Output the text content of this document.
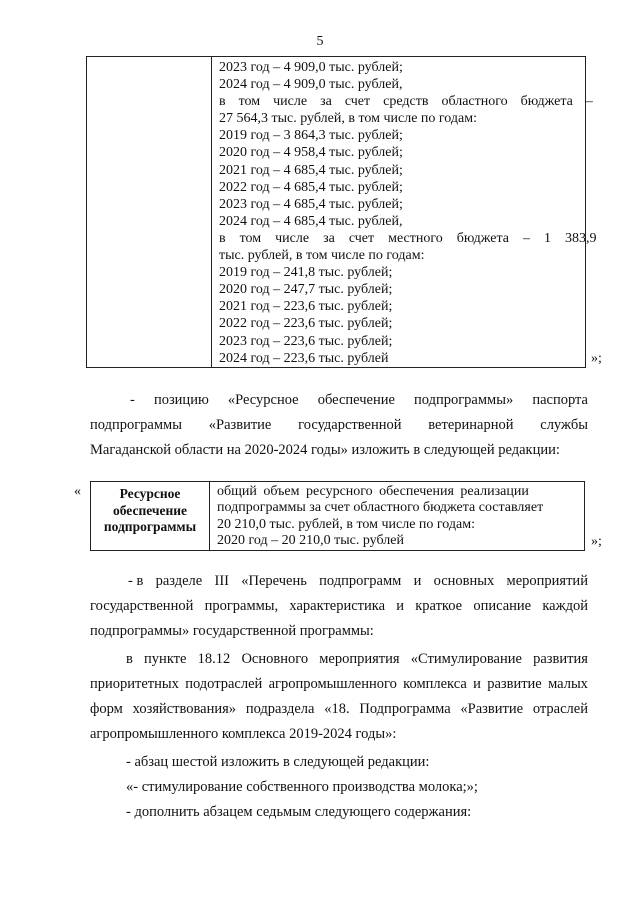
5
2023 год – 4 909,0 тыс. рублей;
2024 год – 4 909,0 тыс. рублей,
в том числе за счет средств областного бюджета –
27 564,3 тыс. рублей, в том числе по годам:
2019 год – 3 864,3 тыс. рублей;
2020 год – 4 958,4 тыс. рублей;
2021 год – 4 685,4 тыс. рублей;
2022 год – 4 685,4 тыс. рублей;
2023 год – 4 685,4 тыс. рублей;
2024 год – 4 685,4 тыс. рублей,
в том числе за счет местного бюджета – 1 383,9
тыс. рублей, в том числе по годам:
2019 год – 241,8 тыс. рублей;
2020 год – 247,7 тыс. рублей;
2021 год – 223,6 тыс. рублей;
2022 год – 223,6 тыс. рублей;
2023 год – 223,6 тыс. рублей;
2024 год – 223,6 тыс. рублей	»;
- позицию «Ресурсное обеспечение подпрограммы» паспорта
подпрограммы «Развитие государственной ветеринарной службы
Магаданской области на 2020-2024 годы» изложить в следующей редакции:
«	Ресурсное
обеспечение
подпрограммы
общий объем ресурсного обеспечения реализации
подпрограммы за счет областного бюджета составляет
20 210,0 тыс. рублей, в том числе по годам:
2020 год – 20 210,0 тыс. рублей	»;
- в разделе III «Перечень подпрограмм и основных мероприятий
государственной программы, характеристика и краткое описание каждой
подпрограммы» государственной программы:
в пункте 18.12 Основного мероприятия «Стимулирование развития
приоритетных подотраслей агропромышленного комплекса и развитие малых
форм хозяйствования» подраздела «18. Подпрограмма «Развитие отраслей
агропромышленного комплекса 2019-2024 годы»:
- абзац шестой изложить в следующей редакции:
«- стимулирование собственного производства молока;»;
- дополнить абзацем седьмым следующего содержания:
